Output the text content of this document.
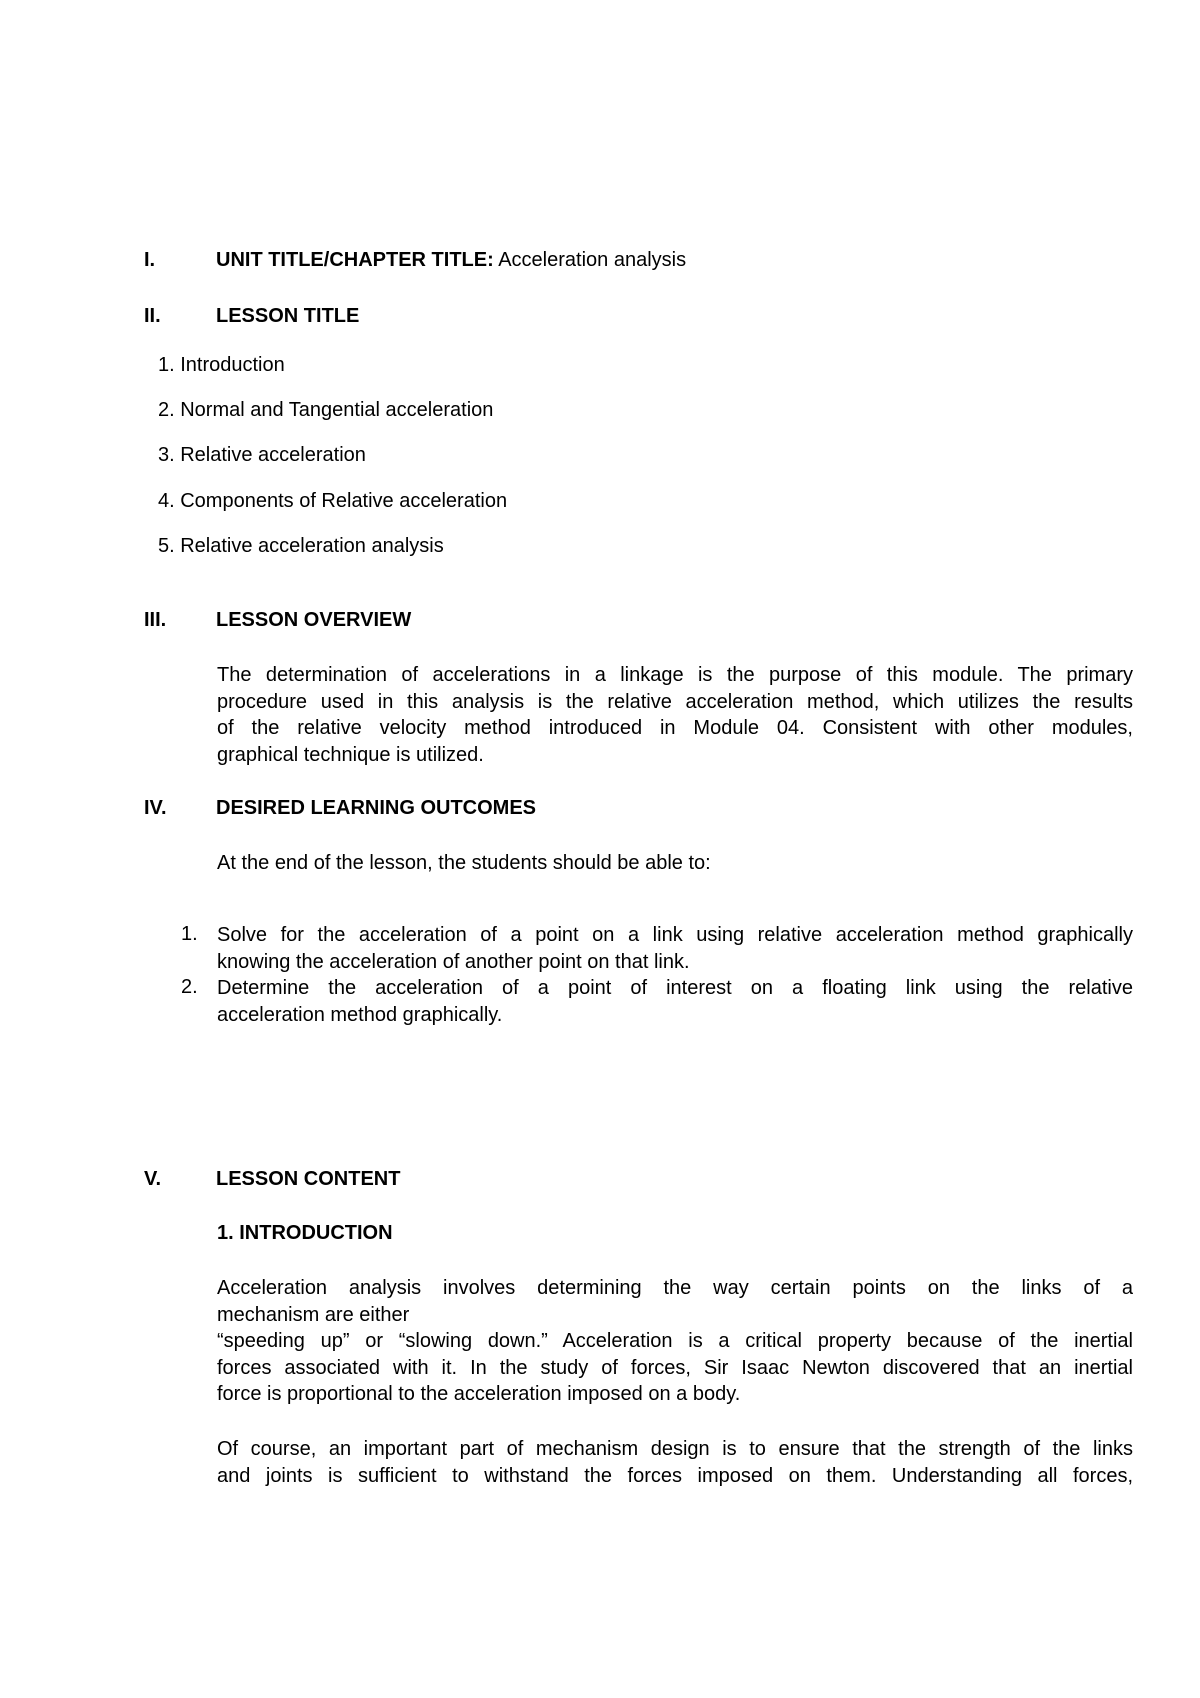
I.	UNIT TITLE/CHAPTER TITLE: Acceleration analysis

II.	LESSON TITLE

1. Introduction

2. Normal and Tangential acceleration

3. Relative acceleration

4. Components of Relative acceleration

5. Relative acceleration analysis

III. LESSON OVERVIEW

The determination of accelerations in a linkage is the purpose of this module. The primary
procedure used in this analysis is the relative acceleration method, which utilizes the results
of the relative velocity method introduced in Module 04. Consistent with other modules,
graphical technique is utilized.

IV. DESIRED LEARNING OUTCOMES

At the end of the lesson, the students should be able to:

1. Solve for the acceleration of a point on a link using relative acceleration method graphically
knowing the acceleration of another point on that link.

2. Determine the acceleration of a point of interest on a floating link using the relative
acceleration method graphically.

V.	LESSON CONTENT

1. INTRODUCTION

Acceleration analysis involves determining the way certain points on the links of a
mechanism are either
“speeding up” or “slowing down.” Acceleration is a critical property because of the inertial
forces associated with it. In the study of forces, Sir Isaac Newton discovered that an inertial
force is proportional to the acceleration imposed on a body.
Of course, an important part of mechanism design is to ensure that the strength of the links
and joints is sufficient to withstand the forces imposed on them. Understanding all forces,
